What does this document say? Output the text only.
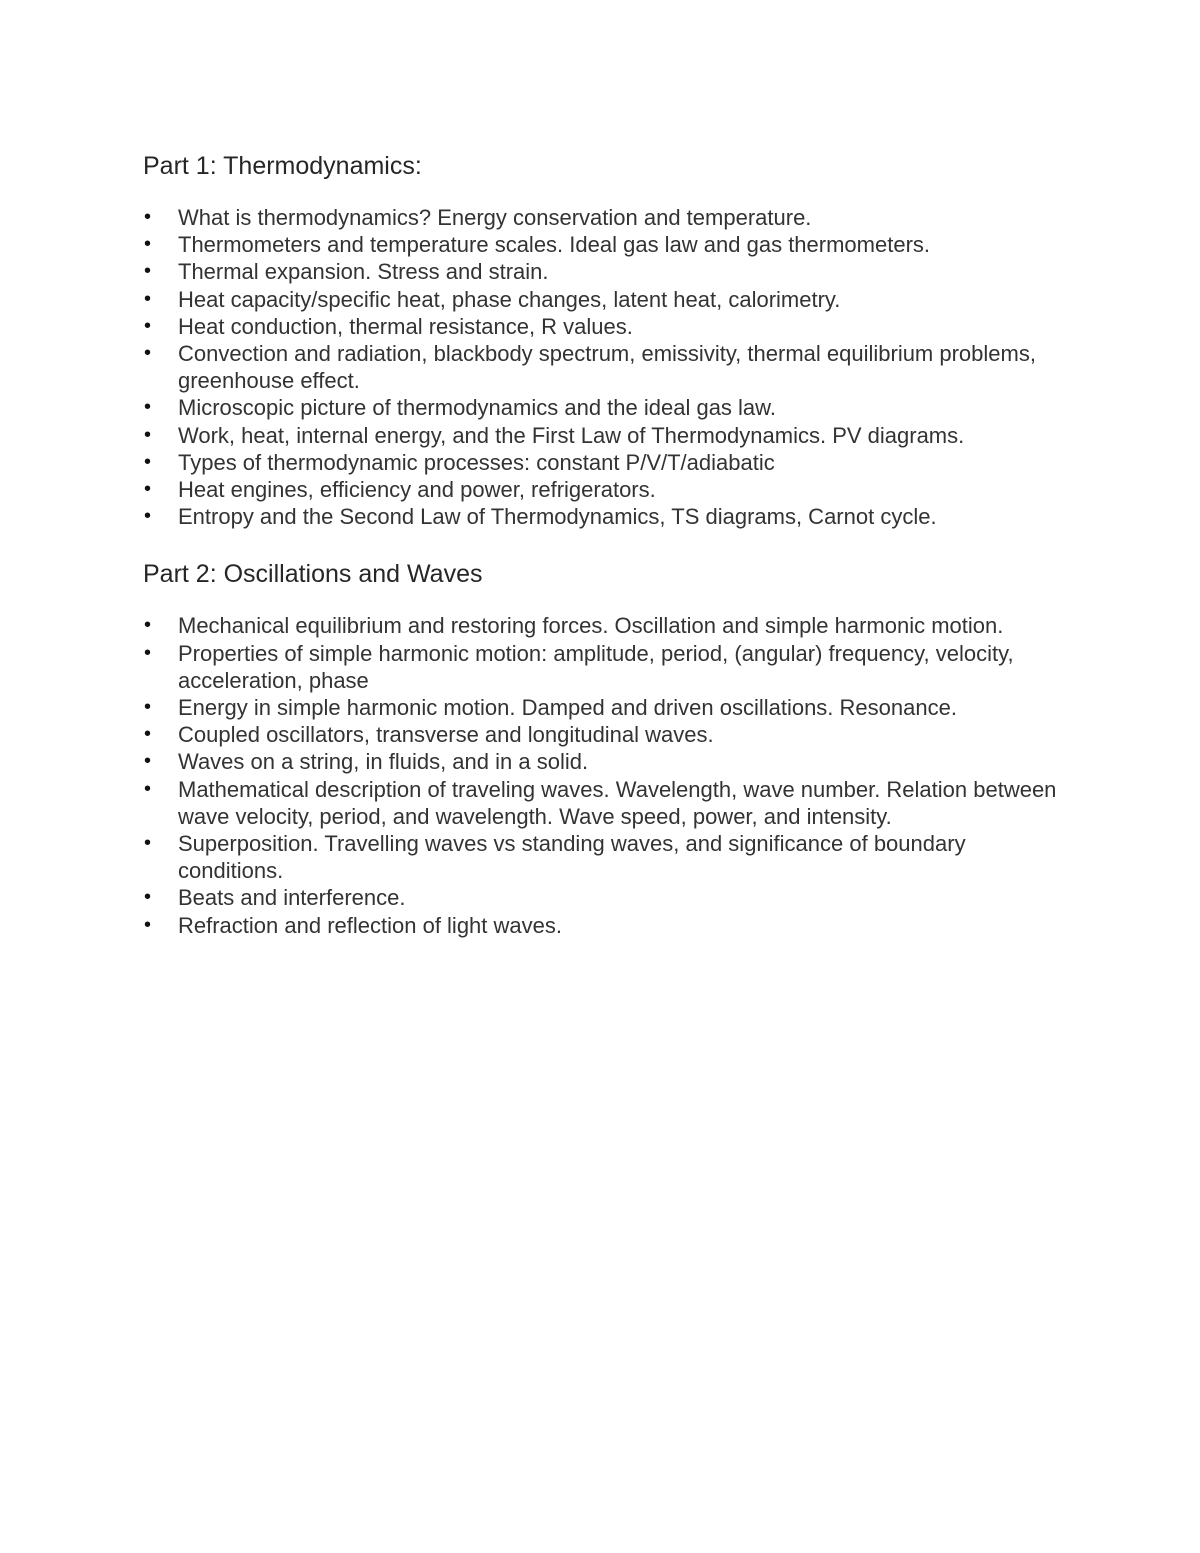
Part 1: Thermodynamics:
• What is thermodynamics? Energy conservation and temperature.
• Thermometers and temperature scales. Ideal gas law and gas thermometers.
• Thermal expansion. Stress and strain.
• Heat capacity/specific heat, phase changes, latent heat, calorimetry.
• Heat conduction, thermal resistance, R values.
• Convection and radiation, blackbody spectrum, emissivity, thermal equilibrium problems, greenhouse effect.
• Microscopic picture of thermodynamics and the ideal gas law.
• Work, heat, internal energy, and the First Law of Thermodynamics. PV diagrams.
• Types of thermodynamic processes: constant P/V/T/adiabatic
• Heat engines, efficiency and power, refrigerators.
• Entropy and the Second Law of Thermodynamics, TS diagrams, Carnot cycle.
Part 2: Oscillations and Waves
• Mechanical equilibrium and restoring forces. Oscillation and simple harmonic motion.
• Properties of simple harmonic motion: amplitude, period, (angular) frequency, velocity, acceleration, phase
• Energy in simple harmonic motion. Damped and driven oscillations. Resonance.
• Coupled oscillators, transverse and longitudinal waves.
• Waves on a string, in fluids, and in a solid.
• Mathematical description of traveling waves. Wavelength, wave number. Relation between wave velocity, period, and wavelength. Wave speed, power, and intensity.
• Superposition. Travelling waves vs standing waves, and significance of boundary conditions.
• Beats and interference.
• Refraction and reflection of light waves.
